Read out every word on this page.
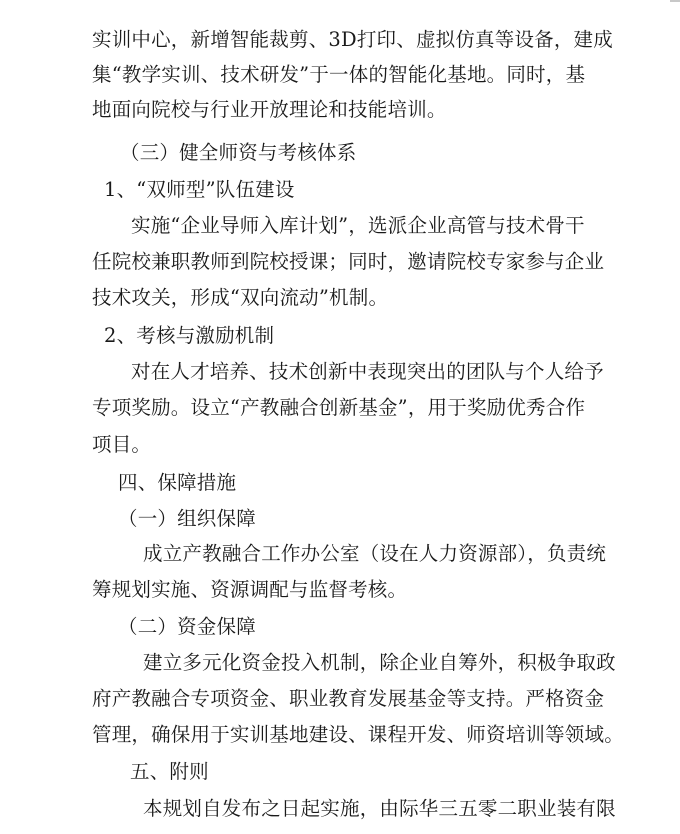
实训中心，新增智能裁剪、3D打印、虚拟仿真等设备，建成
集“教学实训、技术研发”于一体的智能化基地。同时，基
地面向院校与行业开放理论和技能培训。
（三）健全师资与考核体系
1、“双师型”队伍建设
实施“企业导师入库计划”，选派企业高管与技术骨干
任院校兼职教师到院校授课；同时，邀请院校专家参与企业
技术攻关，形成“双向流动”机制。
2、考核与激励机制
对在人才培养、技术创新中表现突出的团队与个人给予
专项奖励。设立“产教融合创新基金”，用于奖励优秀合作
项目。
四、保障措施
（一）组织保障
成立产教融合工作办公室（设在人力资源部），负责统
筹规划实施、资源调配与监督考核。
（二）资金保障
建立多元化资金投入机制，除企业自筹外，积极争取政
府产教融合专项资金、职业教育发展基金等支持。严格资金
管理，确保用于实训基地建设、课程开发、师资培训等领域。
五、附则
本规划自发布之日起实施，由际华三五零二职业装有限
